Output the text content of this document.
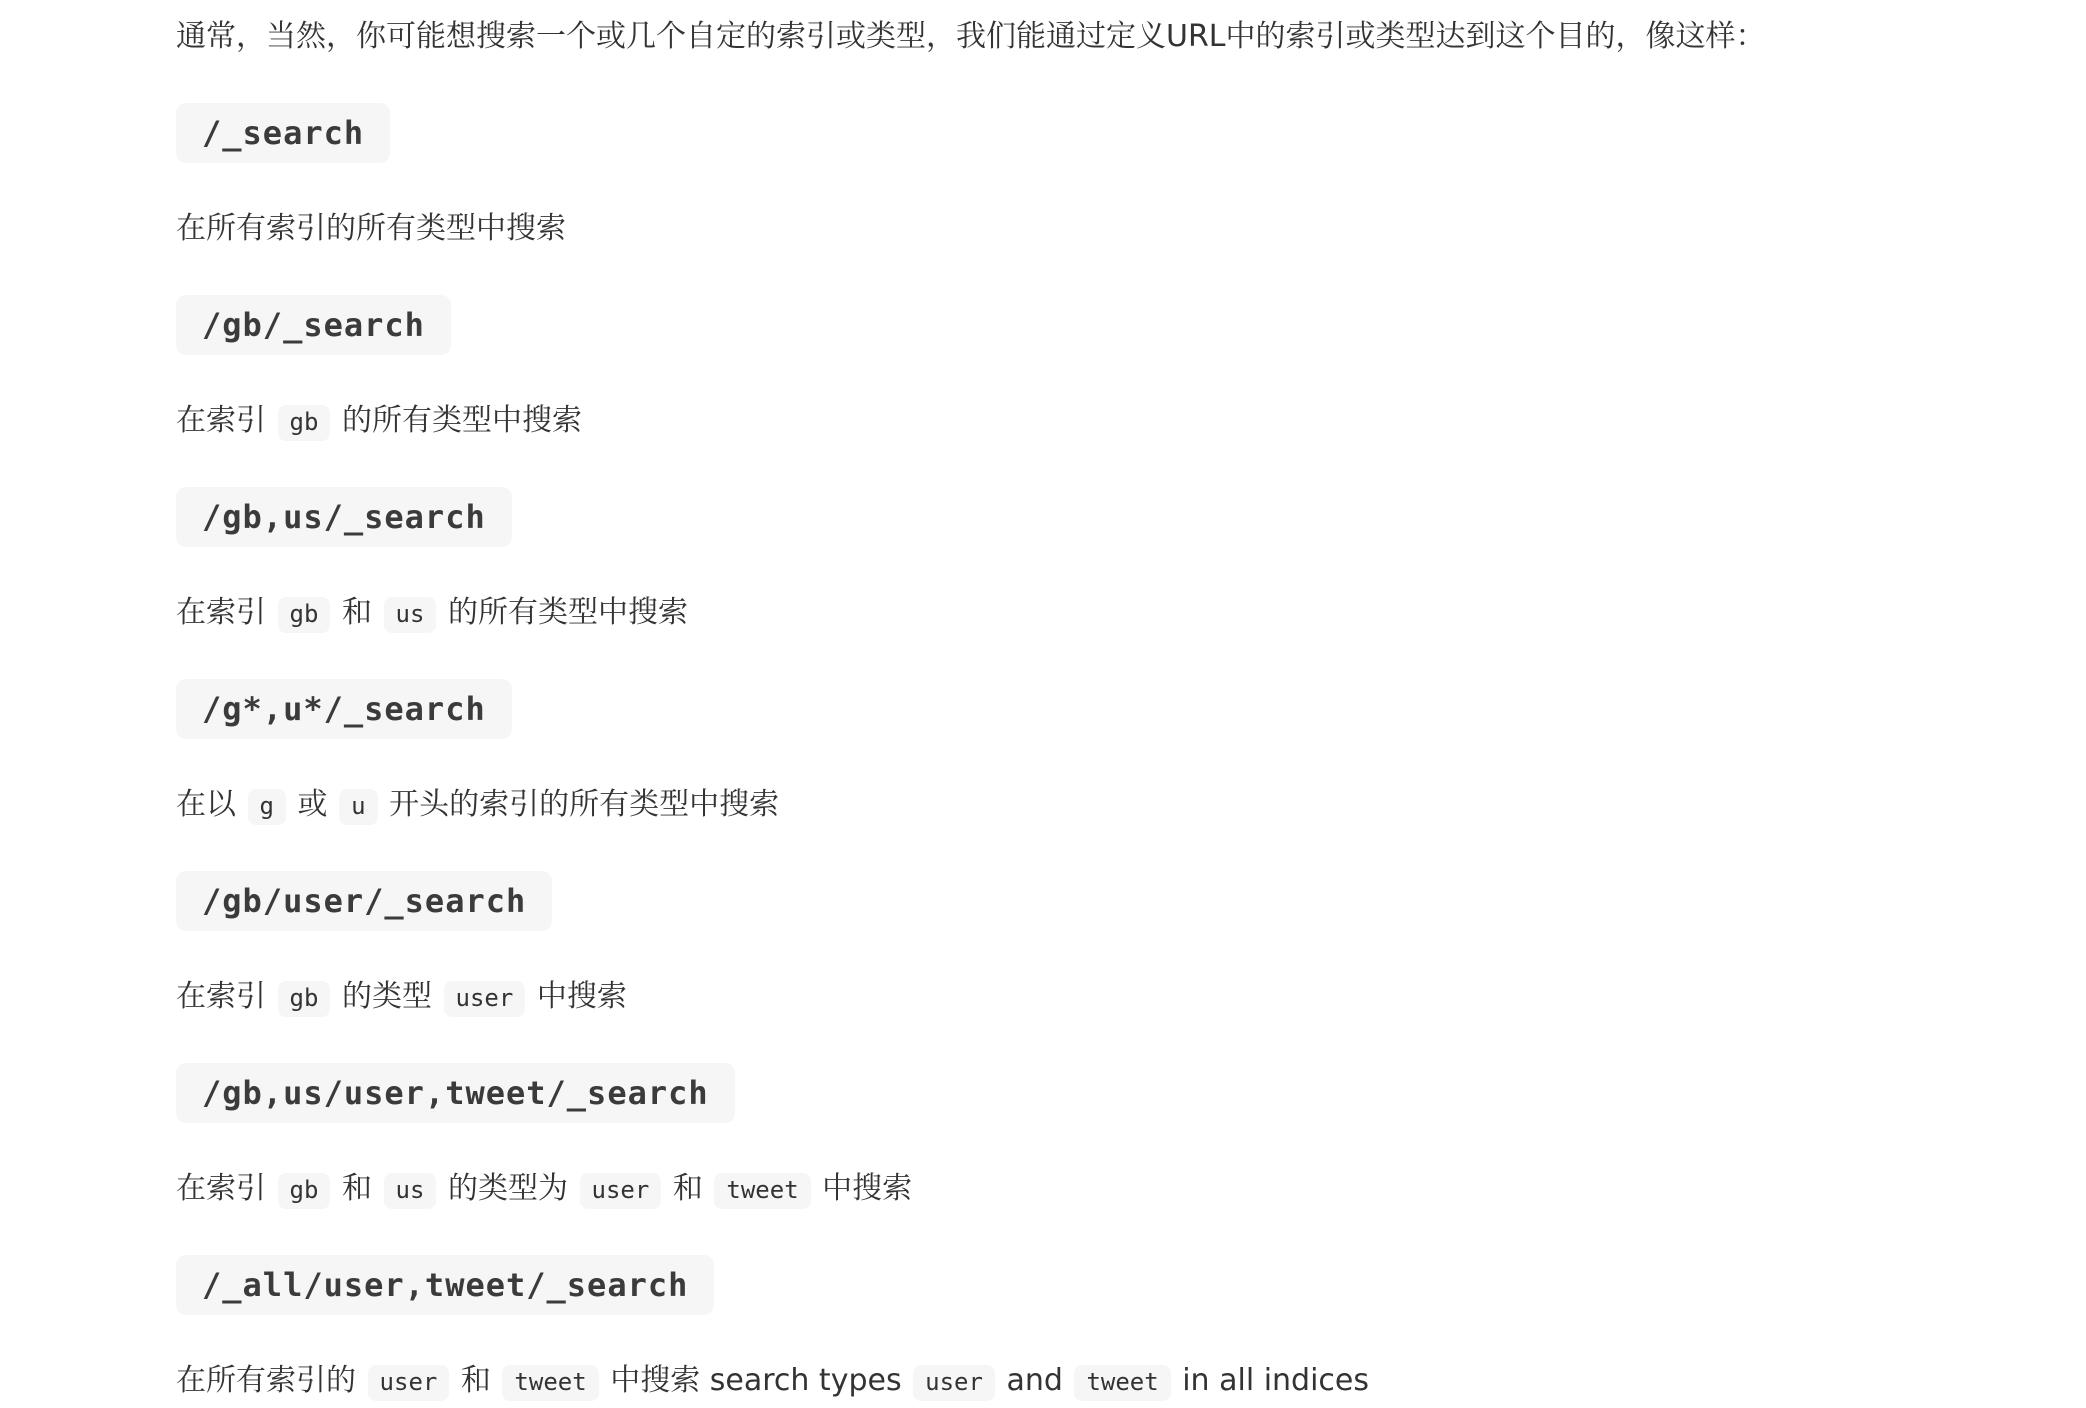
通常，当然，你可能想搜索一个或几个自定的索引或类型，我们能通过定义URL中的索引或类型达到这个目的，像这样：

/_search

在所有索引的所有类型中搜索

/gb/_search

在索引 gb 的所有类型中搜索

/gb,us/_search

在索引 gb 和 us 的所有类型中搜索

/g*,u*/_search

在以 g 或 u 开头的索引的所有类型中搜索

/gb/user/_search

在索引 gb 的类型 user 中搜索

/gb,us/user,tweet/_search

在索引 gb 和 us 的类型为 user 和 tweet 中搜索

/_all/user,tweet/_search

在所有索引的 user 和 tweet 中搜索 search types user and tweet in all indices
